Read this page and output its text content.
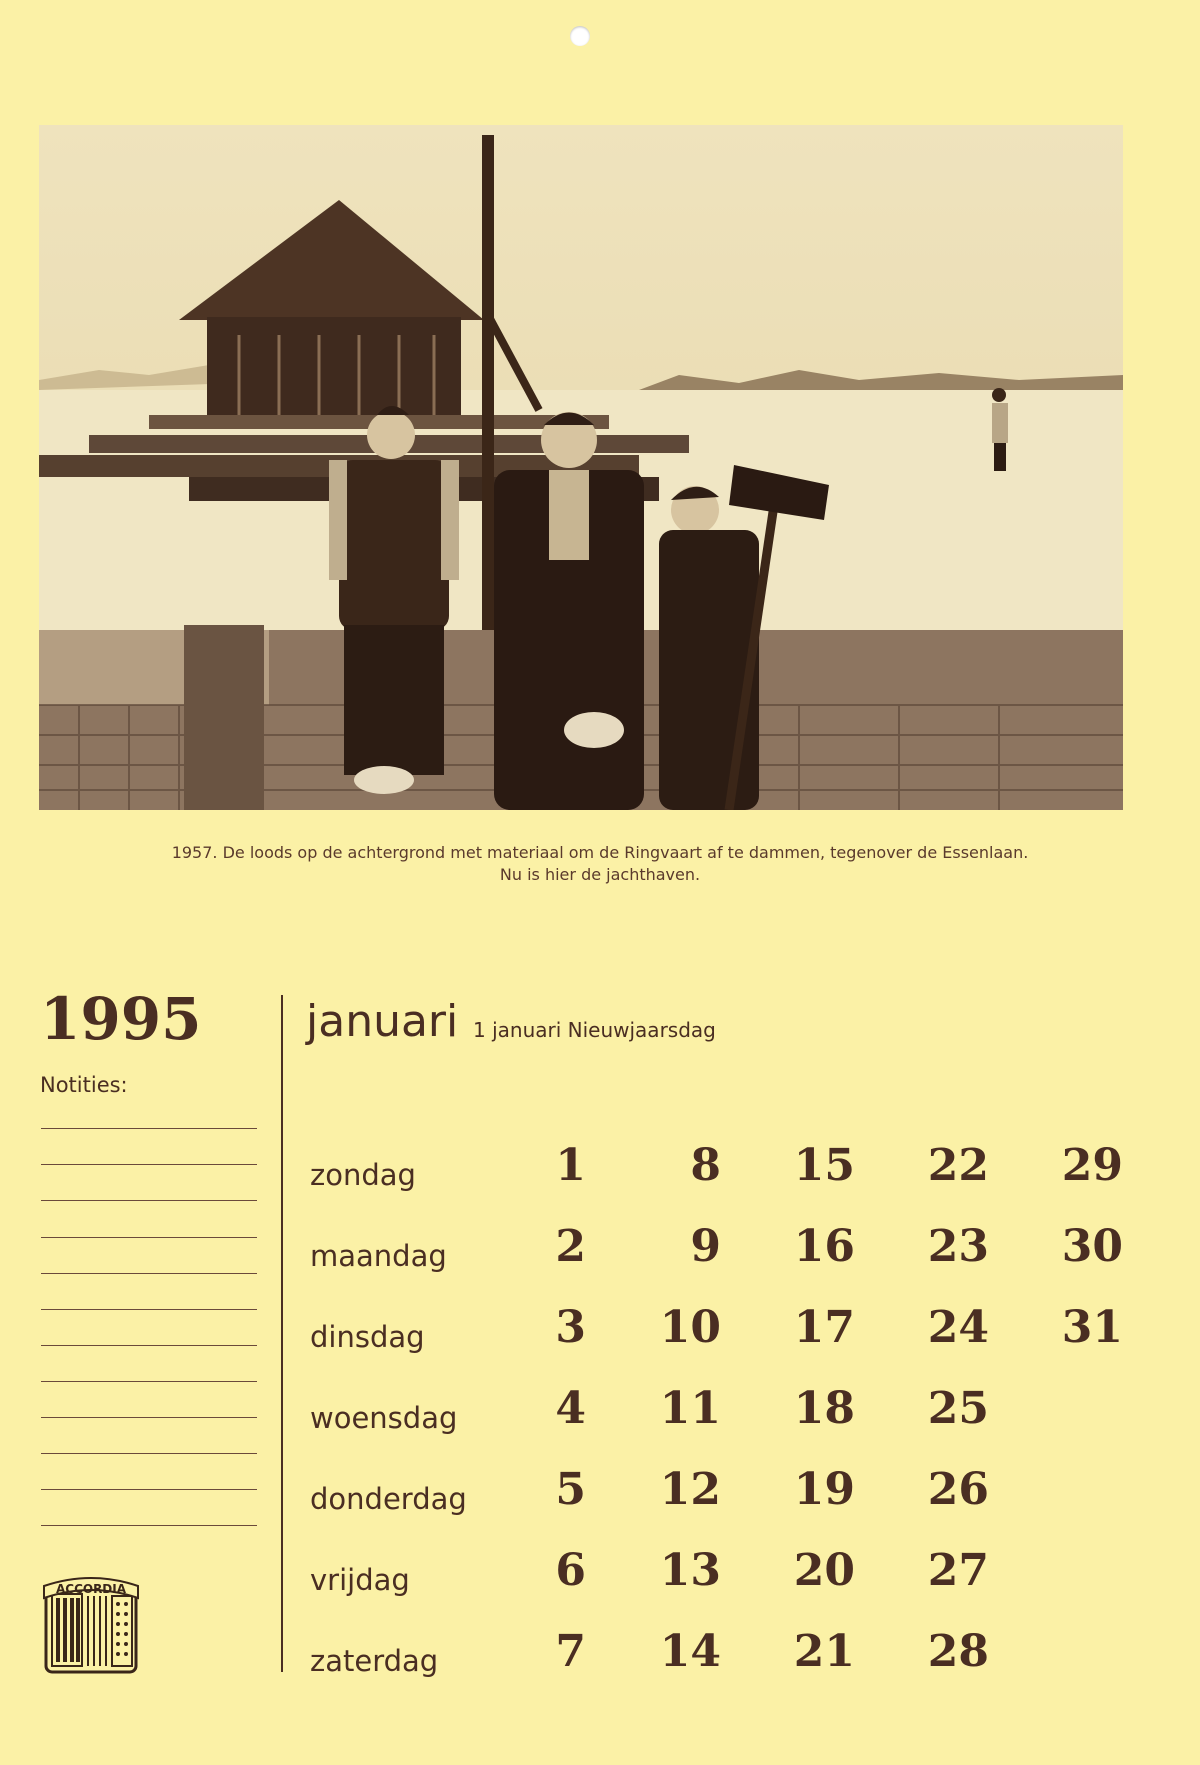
1957. De loods op de achtergrond met materiaal om de Ringvaart af te dammen, tegenover de Essenlaan.
Nu is hier de jachthaven.
1995
Notities:
ACCORDIA
januari 1 januari Nieuwjaarsdag
zondag
maandag
dinsdag
woensdag
donderdag
vrijdag
zaterdag
1
2
3
4
5
6
7
8
9
10
11
12
13
14
15
16
17
18
19
20
21
22
23
24
25
26
27
28
29
30
31
